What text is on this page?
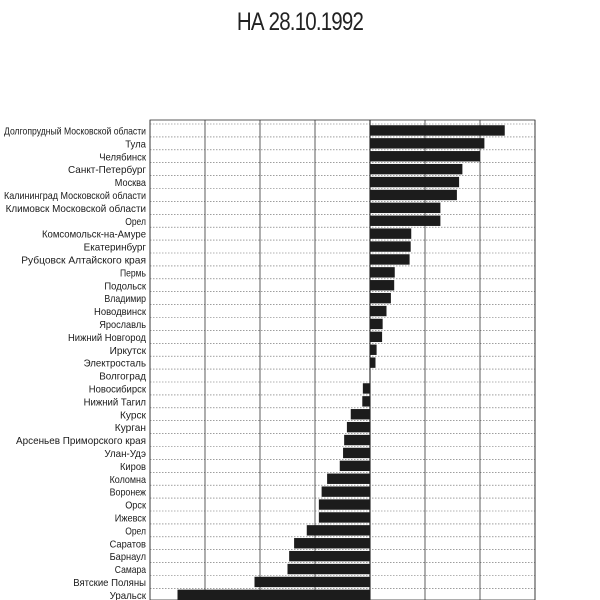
НА 28.10.1992
Долгопрудный Московской области
Тула
Челябинск
Санкт-Петербург
Москва
Калининград Московской области
Климовск Московской области
Орел
Комсомольск-на-Амуре
Екатеринбург
Рубцовск Алтайского края
Пермь
Подольск
Владимир
Новодвинск
Ярославль
Нижний Новгород
Иркутск
Электросталь
Волгоград
Новосибирск
Нижний Тагил
Курск
Курган
Арсеньев Приморского края
Улан-Удэ
Киров
Коломна
Воронеж
Орск
Ижевск
Орел
Саратов
Барнаул
Самара
Вятские Поляны
Уральск
